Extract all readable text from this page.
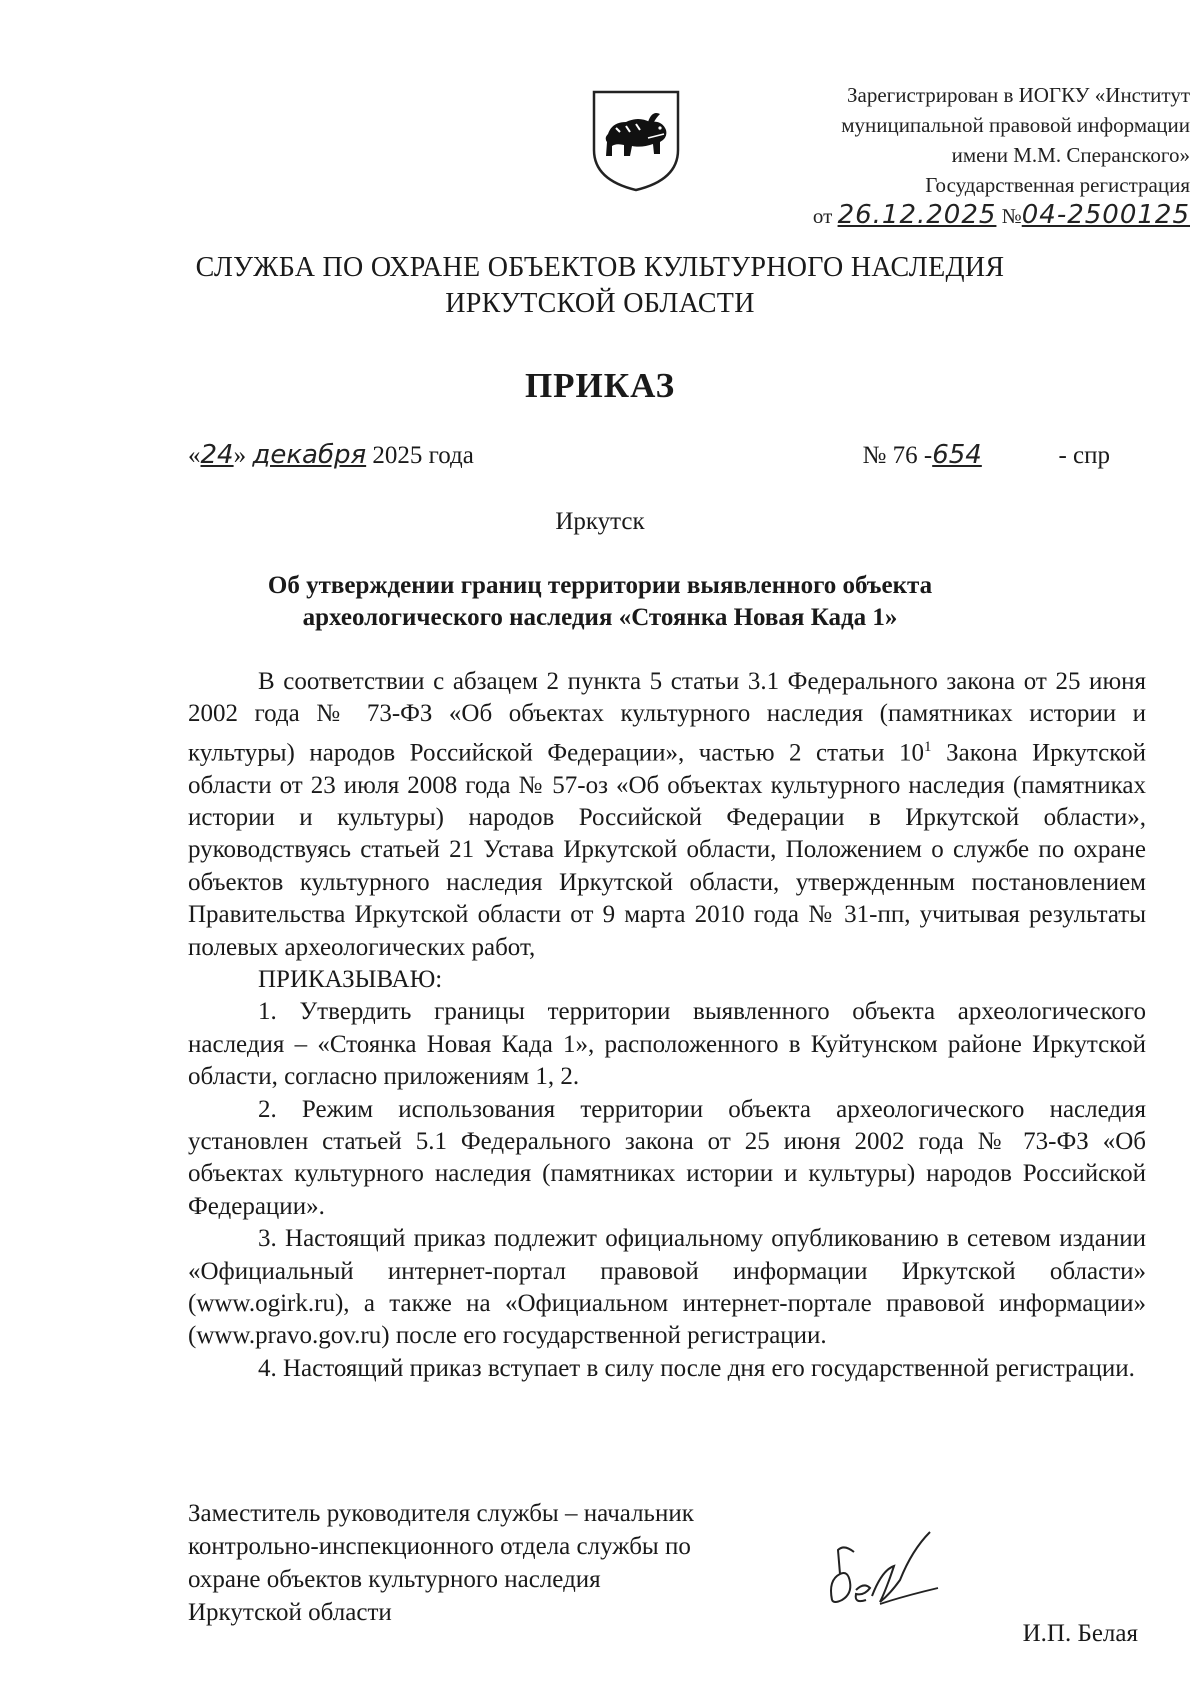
Зарегистрирован в ИОГКУ «Институт
муниципальной правовой информации
имени М.М. Сперанского»
Государственная регистрация
от 26.12.2025 №04-2500125
СЛУЖБА ПО ОХРАНЕ ОБЪЕКТОВ КУЛЬТУРНОГО НАСЛЕДИЯ
ИРКУТСКОЙ ОБЛАСТИ
ПРИКАЗ
«24» декабря 2025 года	№ 76 -654	- спр
Иркутск
Об утверждении границ территории выявленного объекта
археологического наследия «Стоянка Новая Када 1»

В соответствии с абзацем 2 пункта 5 статьи 3.1 Федерального закона от 25 июня 2002 года № 73-ФЗ «Об объектах культурного наследия (памятниках истории и культуры) народов Российской Федерации», частью 2 статьи $10^1$ Закона Иркутской области от 23 июля 2008 года № 57-оз «Об объектах культурного наследия (памятниках истории и культуры) народов Российской Федерации в Иркутской области», руководствуясь статьей 21 Устава Иркутской области, Положением о службе по охране объектов культурного наследия Иркутской области, утвержденным постановлением Правительства Иркутской области от 9 марта 2010 года № 31-пп, учитывая результаты полевых археологических работ,

ПРИКАЗЫВАЮ:

1. Утвердить границы территории выявленного объекта археологического наследия – «Стоянка Новая Када 1», расположенного в Куйтунском районе Иркутской области, согласно приложениям 1, 2.

2. Режим использования территории объекта археологического наследия установлен статьей 5.1 Федерального закона от 25 июня 2002 года № 73-ФЗ «Об объектах культурного наследия (памятниках истории и культуры) народов Российской Федерации».

3. Настоящий приказ подлежит официальному опубликованию в сетевом издании «Официальный интернет-портал правовой информации Иркутской области» (www.ogirk.ru), а также на «Официальном интернет-портале правовой информации» (www.pravo.gov.ru) после его государственной регистрации.

4. Настоящий приказ вступает в силу после дня его государственной регистрации.

Заместитель руководителя службы – начальник
контрольно-инспекционного отдела службы по
охране объектов культурного наследия
Иркутской области
И.П. Белая
